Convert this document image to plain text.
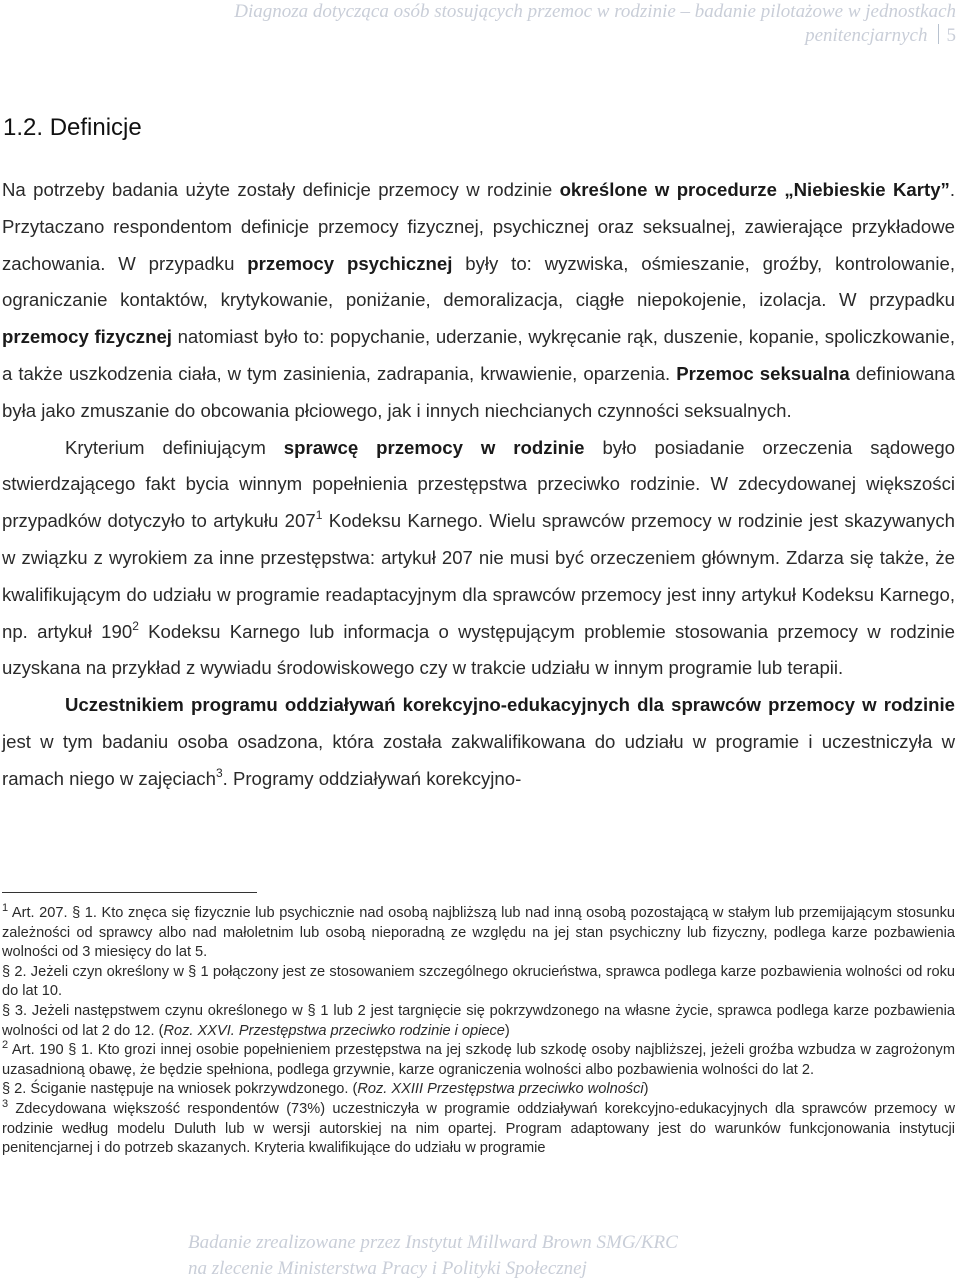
Diagnoza dotycząca osób stosujących przemoc w rodzinie – badanie pilotażowe w jednostkach
penitencjarnych 5
1.2. Definicje

Na potrzeby badania użyte zostały definicje przemocy w rodzinie określone w procedurze „Niebieskie Karty”. Przytaczano respondentom definicje przemocy fizycznej, psychicznej oraz seksualnej, zawierające przykładowe zachowania. W przypadku przemocy psychicznej były to: wyzwiska, ośmieszanie, groźby, kontrolowanie, ograniczanie kontaktów, krytykowanie, poniżanie, demoralizacja, ciągłe niepokojenie, izolacja. W przypadku przemocy fizycznej natomiast było to: popychanie, uderzanie, wykręcanie rąk, duszenie, kopanie, spoliczkowanie, a także uszkodzenia ciała, w tym zasinienia, zadrapania, krwawienie, oparzenia. Przemoc seksualna definiowana była jako zmuszanie do obcowania płciowego, jak i innych niechcianych czynności seksualnych.

Kryterium definiującym sprawcę przemocy w rodzinie było posiadanie orzeczenia sądowego stwierdzającego fakt bycia winnym popełnienia przestępstwa przeciwko rodzinie. W zdecydowanej większości przypadków dotyczyło to artykułu $207^1$ Kodeksu Karnego. Wielu sprawców przemocy w rodzinie jest skazywanych w związku z wyrokiem za inne przestępstwa: artykuł 207 nie musi być orzeczeniem głównym. Zdarza się także, że kwalifikującym do udziału w programie readaptacyjnym dla sprawców przemocy jest inny artykuł Kodeksu Karnego, np. artykuł $190^2$ Kodeksu Karnego lub informacja o występującym problemie stosowania przemocy w rodzinie uzyskana na przykład z wywiadu środowiskowego czy w trakcie udziału w innym programie lub terapii.

Uczestnikiem programu oddziaływań korekcyjno-edukacyjnych dla sprawców przemocy w rodzinie jest w tym badaniu osoba osadzona, która została zakwalifikowana do udziału w programie i uczestniczyła w ramach niego w zajęciach$^3$. Programy oddziaływań korekcyjno-

$^1$ Art. 207. § 1. Kto znęca się fizycznie lub psychicznie nad osobą najbliższą lub nad inną osobą pozostającą w stałym lub przemijającym stosunku zależności od sprawcy albo nad małoletnim lub osobą nieporadną ze względu na jej stan psychiczny lub fizyczny, podlega karze pozbawienia wolności od 3 miesięcy do lat 5.

§ 2. Jeżeli czyn określony w § 1 połączony jest ze stosowaniem szczególnego okrucieństwa, sprawca podlega karze pozbawienia wolności od roku do lat 10.

§ 3. Jeżeli następstwem czynu określonego w § 1 lub 2 jest targnięcie się pokrzywdzonego na własne życie, sprawca podlega karze pozbawienia wolności od lat 2 do 12. (Roz. XXVI. Przestępstwa przeciwko rodzinie i opiece)

$^2$ Art. 190 § 1. Kto grozi innej osobie popełnieniem przestępstwa na jej szkodę lub szkodę osoby najbliższej, jeżeli groźba wzbudza w zagrożonym uzasadnioną obawę, że będzie spełniona, podlega grzywnie, karze ograniczenia wolności albo pozbawienia wolności do lat 2.

§ 2. Ściganie następuje na wniosek pokrzywdzonego. (Roz. XXIII Przestępstwa przeciwko wolności)

$^3$ Zdecydowana większość respondentów (73%) uczestniczyła w programie oddziaływań korekcyjno-edukacyjnych dla sprawców przemocy w rodzinie według modelu Duluth lub w wersji autorskiej na nim opartej. Program adaptowany jest do warunków funkcjonowania instytucji penitencjarnej i do potrzeb skazanych. Kryteria kwalifikujące do udziału w programie

Badanie zrealizowane przez Instytut Millward Brown SMG/KRC
na zlecenie Ministerstwa Pracy i Polityki Społecznej
